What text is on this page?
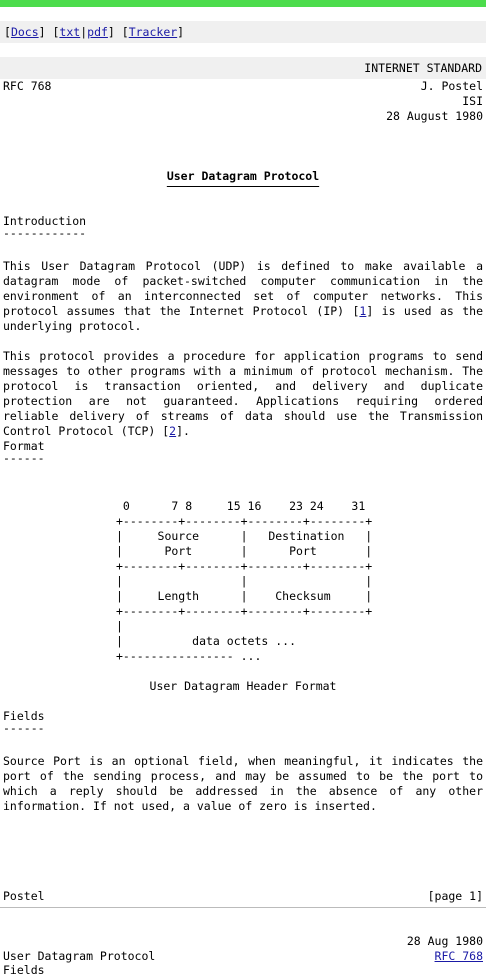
[Docs] [txt|pdf] [Tracker]
INTERNET STANDARD
RFC 768	J. Postel
ISI
28 August 1980
User Datagram Protocol
Introduction
------------
This User Datagram Protocol (UDP) is defined to make available a datagram mode of packet-switched computer communication in the environment of an interconnected set of computer networks. This protocol assumes that the Internet Protocol (IP) [1] is used as the underlying protocol.
This protocol provides a procedure for application programs to send messages to other programs with a minimum of protocol mechanism. The protocol is transaction oriented, and delivery and duplicate protection are not guaranteed. Applications requiring ordered reliable delivery of streams of data should use the Transmission Control Protocol (TCP) [2].
Format
------
0      7 8     15 16    23 24    31
+--------+--------+--------+--------+
|     Source      |   Destination   |
|      Port       |      Port       |
+--------+--------+--------+--------+
|                 |                 |
|     Length      |    Checksum     |
+--------+--------+--------+--------+
|
|          data octets ...
+---------------- ...
User Datagram Header Format
Fields
------
Source Port is an optional field, when meaningful, it indicates the port of the sending process, and may be assumed to be the port to which a reply should be addressed in the absence of any other information. If not used, a value of zero is inserted.
Postel	[page 1]
28 Aug 1980
User Datagram Protocol	RFC 768
Fields
